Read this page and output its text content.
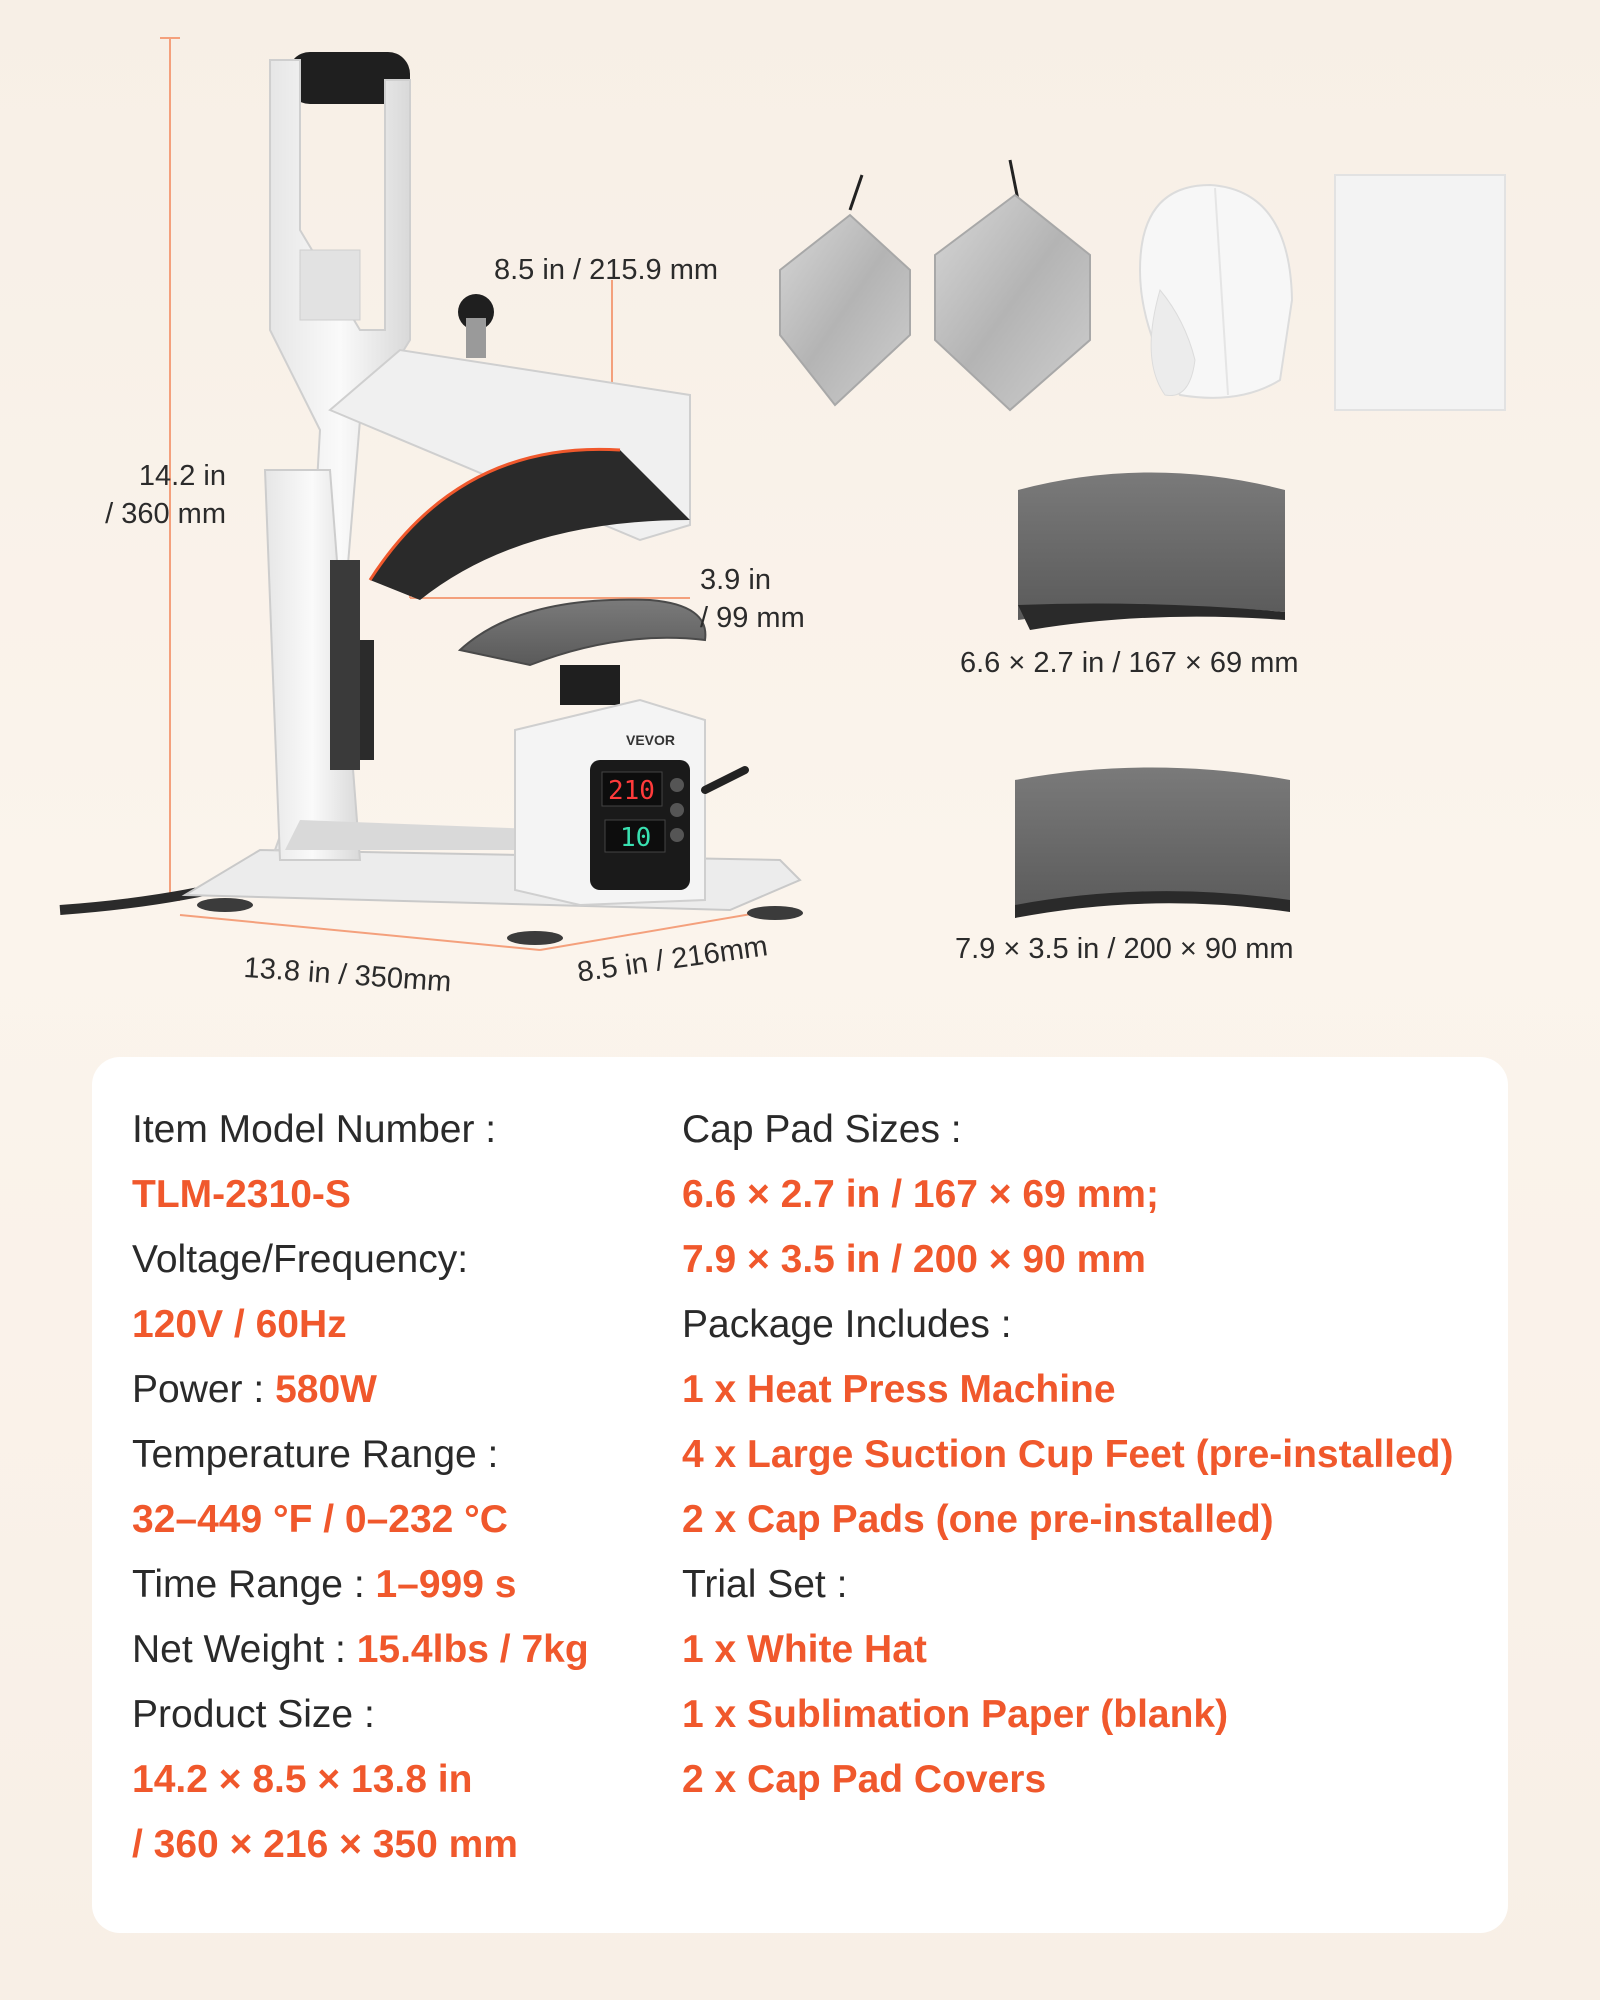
VEVOR
210
10
14.2 in
/ 360 mm
8.5 in / 215.9 mm
3.9 in
/ 99 mm
13.8 in / 350mm	8.5 in / 216mm
6.6 × 2.7 in / 167 × 69 mm
7.9 × 3.5 in / 200 × 90 mm
Item Model Number :
TLM-2310-S
Voltage/Frequency:
120V / 60Hz
Power : 580W
Temperature Range :
32–449 °F / 0–232 °C
Time Range : 1–999 s
Net Weight : 15.4lbs / 7kg
Product Size :
14.2 × 8.5 × 13.8 in
/ 360 × 216 × 350 mm
Cap Pad Sizes :
6.6 × 2.7 in / 167 × 69 mm;
7.9 × 3.5 in / 200 × 90 mm
Package Includes :
1 x Heat Press Machine
4 x Large Suction Cup Feet (pre-installed)
2 x Cap Pads (one pre-installed)
Trial Set :
1 x White Hat
1 x Sublimation Paper (blank)
2 x Cap Pad Covers
